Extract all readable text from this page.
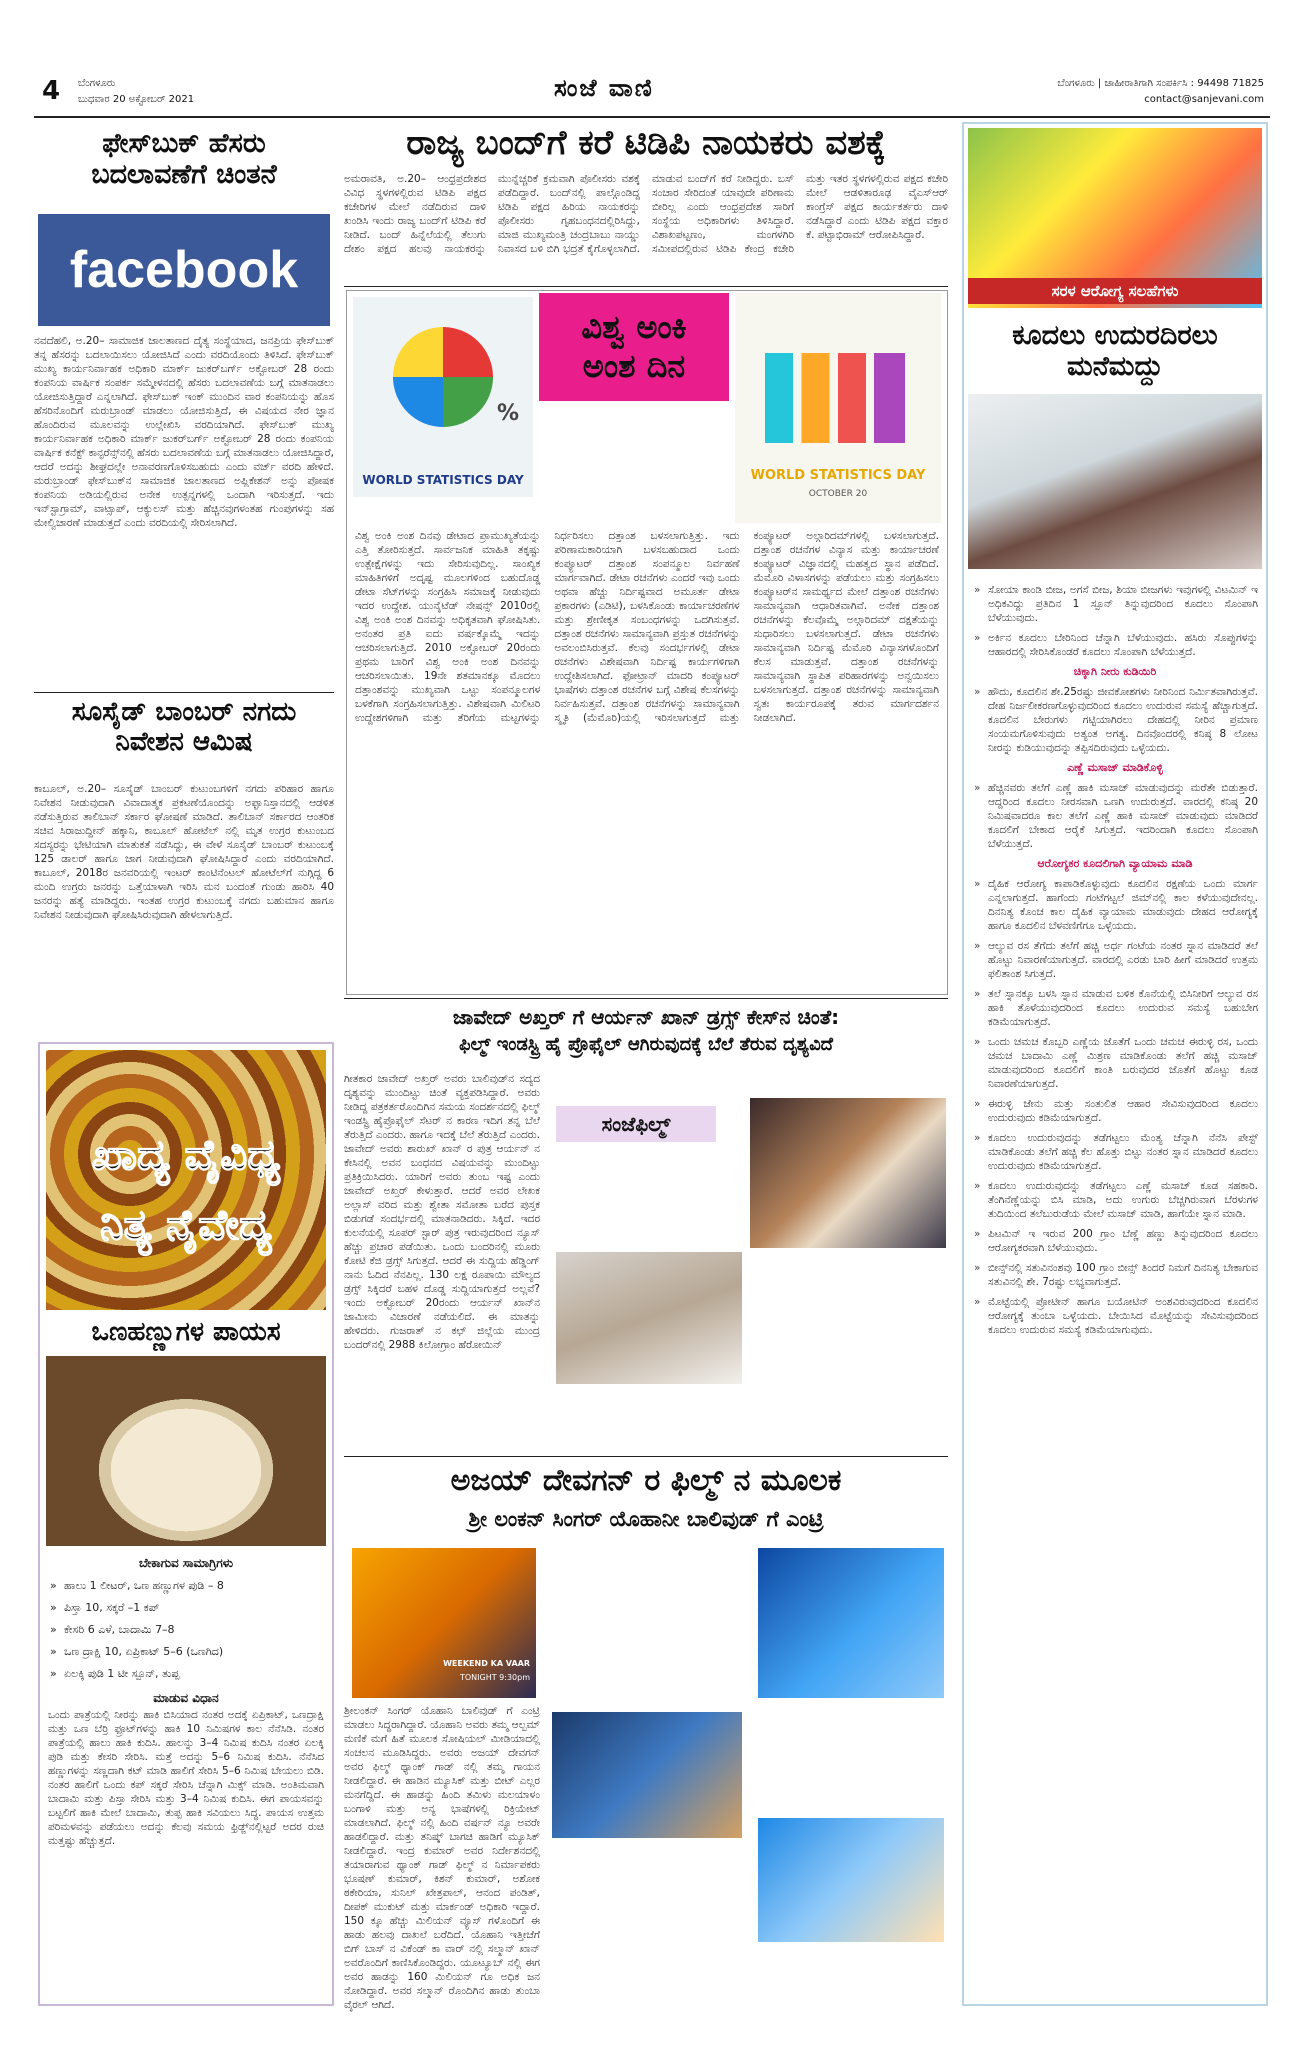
4 ಬೆಂಗಳೂರು
ಬುಧವಾರ 20 ಅಕ್ಟೋಬರ್ 2021	ಸಂಜೆ ವಾಣಿ	ಬೆಂಗಳೂರು | ಜಾಹೀರಾತಿಗಾಗಿ ಸಂಪರ್ಕಿಸಿ : 94498 71825
contact@sanjevani.com
ಫೇಸ್‌ಬುಕ್ ಹೆಸರು ಬದಲಾವಣೆಗೆ ಚಿಂತನೆ
facebook
ನವದೆಹಲಿ, ಅ.20– ಸಾಮಾಜಿಕ ಜಾಲತಾಣದ ದೈತ್ಯ ಸಂಸ್ಥೆಯಾದ, ಜನಪ್ರಿಯ ಫೇಸ್‌ಬುಕ್ ತನ್ನ ಹೆಸರನ್ನು ಬದಲಾಯಿಸಲು ಯೋಜಿಸಿದೆ ಎಂದು ವರದಿಯೊಂದು ತಿಳಿಸಿದೆ. ಫೇಸ್‌ಬುಕ್ ಮುಖ್ಯ ಕಾರ್ಯನಿರ್ವಾಹಕ ಅಧಿಕಾರಿ ಮಾರ್ಕ್ ಜುಕರ್‌ಬರ್ಗ್ ಅಕ್ಟೋಬರ್ 28 ರಂದು ಕಂಪನಿಯ ವಾರ್ಷಿಕ ಸಂಪರ್ಕ ಸಮ್ಮೇಳನದಲ್ಲಿ ಹೆಸರು ಬದಲಾವಣೆಯ ಬಗ್ಗೆ ಮಾತನಾಡಲು ಯೋಜಿಸುತ್ತಿದ್ದಾರೆ ಎನ್ನಲಾಗಿದೆ. ಫೇಸ್‌ಬುಕ್ ಇಂಕ್ ಮುಂದಿನ ವಾರ ಕಂಪನಿಯನ್ನು ಹೊಸ ಹೆಸರಿನೊಂದಿಗೆ ಮರುಬ್ರಾಂಡ್ ಮಾಡಲು ಯೋಜಿಸುತ್ತಿದೆ, ಈ ವಿಷಯದ ನೇರ ಜ್ಞಾನ ಹೊಂದಿರುವ ಮೂಲವನ್ನು ಉಲ್ಲೇಖಿಸಿ ವರದಿಯಾಗಿದೆ. ಫೇಸ್‌ಬುಕ್ ಮುಖ್ಯ ಕಾರ್ಯನಿರ್ವಾಹಕ ಅಧಿಕಾರಿ ಮಾರ್ಕ್ ಜುಕರ್‌ಬರ್ಗ್ ಅಕ್ಟೋಬರ್ 28 ರಂದು ಕಂಪನಿಯ ವಾರ್ಷಿಕ ಕನೆಕ್ಟ್ ಕಾನ್ಫರೆನ್ಸ್‌ನಲ್ಲಿ ಹೆಸರು ಬದಲಾವಣೆಯ ಬಗ್ಗೆ ಮಾತನಾಡಲು ಯೋಜಿಸಿದ್ದಾರೆ, ಆದರೆ ಅದನ್ನು ಶೀಘ್ರದಲ್ಲೇ ಅನಾವರಣಗೊಳಿಸಬಹುದು ಎಂದು ವರ್ಜ್ ವರದಿ ಹೇಳಿದೆ. ಮರುಬ್ರಾಂಡ್ ಫೇಸ್‌ಬುಕ್‌ನ ಸಾಮಾಜಿಕ ಜಾಲತಾಣದ ಅಪ್ಲಿಕೇಶನ್ ಅನ್ನು ಪೋಷಕ ಕಂಪನಿಯ ಅಡಿಯಲ್ಲಿರುವ ಅನೇಕ ಉತ್ಪನ್ನಗಳಲ್ಲಿ ಒಂದಾಗಿ ಇರಿಸುತ್ತದೆ. ಇದು ಇನ್‌ಸ್ಟಾಗ್ರಾಮ್, ವಾಟ್ಸಾಪ್, ಆಕ್ಯುಲಸ್ ಮತ್ತು ಹೆಚ್ಚಿನವುಗಳಂತಹ ಗುಂಪುಗಳನ್ನು ಸಹ ಮೇಲ್ವಿಚಾರಣೆ ಮಾಡುತ್ತದೆ ಎಂದು ವರದಿಯಲ್ಲಿ ಸೇರಿಸಲಾಗಿದೆ.
ಸೂಸೈಡ್ ಬಾಂಬರ್ ನಗದು ನಿವೇಶನ ಆಮಿಷ
ಕಾಬೂಲ್, ಅ.20– ಸೂಸೈಡ್ ಬಾಂಬರ್ ಕುಟುಂಬಗಳಿಗೆ ನಗದು ಪರಿಹಾರ ಹಾಗೂ ನಿವೇಶನ ನೀಡುವುದಾಗಿ ವಿವಾದಾತ್ಮಕ ಪ್ರಕಟಣೆಯೊಂದನ್ನು ಅಫ್ಘಾನಿಸ್ತಾನದಲ್ಲಿ ಆಡಳಿತ ನಡೆಸುತ್ತಿರುವ ತಾಲಿಬಾನ್ ಸರ್ಕಾರ ಘೋಷಣೆ ಮಾಡಿದೆ. ತಾಲಿಬಾನ್ ಸರ್ಕಾರದ ಆಂತರಿಕ ಸಚಿವ ಸಿರಾಜುದ್ದೀನ್ ಹಕ್ಕಾನಿ, ಕಾಬೂಲ್ ಹೋಟೆಲ್ ನಲ್ಲಿ ಮೃತ ಉಗ್ರರ ಕುಟುಂಬದ ಸದಸ್ಯರನ್ನು ಭೇಟಿಯಾಗಿ ಮಾತುಕತೆ ನಡೆಸಿದ್ದು, ಈ ವೇಳೆ ಸೂಸೈಡ್ ಬಾಂಬರ್ ಕುಟುಂಬಕ್ಕೆ 125 ಡಾಲರ್ ಹಾಗೂ ಜಾಗ ನೀಡುವುದಾಗಿ ಘೋಷಿಸಿದ್ದಾರೆ ಎಂದು ವರದಿಯಾಗಿದೆ. ಕಾಬೂಲ್, 2018ರ ಜನವರಿಯಲ್ಲಿ ಇಂಟರ್ ಕಾಂಟಿನೆಂಟಲ್ ಹೋಟೆಲ್‌ಗೆ ನುಗ್ಗಿದ್ದ 6 ಮಂದಿ ಉಗ್ರರು ಜನರನ್ನು ಒತ್ತೆಯಾಳಾಗಿ ಇರಿಸಿ ಮನ ಬಂದಂತೆ ಗುಂಡು ಹಾರಿಸಿ 40 ಜನರನ್ನು ಹತ್ಯೆ ಮಾಡಿದ್ದರು. ಇಂತಹ ಉಗ್ರರ ಕುಟುಂಬಕ್ಕೆ ನಗದು ಬಹುಮಾನ ಹಾಗೂ ನಿವೇಶನ ನೀಡುವುದಾಗಿ ಘೋಷಿಸಿರುವುದಾಗಿ ಹೇಳಲಾಗುತ್ತಿದೆ.
ಖಾದ್ಯ ವೈವಿಧ್ಯ
ನಿತ್ಯ ನೈವೇದ್ಯ
ಒಣಹಣ್ಣುಗಳ ಪಾಯಸ
ಬೇಕಾಗುವ ಸಾಮಾಗ್ರಿಗಳು
» ಹಾಲು 1 ಲೀಟರ್, ಒಣ ಹಣ್ಣುಗಳ ಪುಡಿ – 8
» ಪಿಸ್ತಾ 10, ಸಕ್ಕರೆ –1 ಕಪ್
» ಕೇಸರಿ 6 ಎಳೆ, ಬಾದಾಮಿ 7–8
» ಒಣ ದ್ರಾಕ್ಷಿ 10, ಏಪ್ರಿಕಾಟ್ 5–6 (ಒಣಗಿದ)
» ಏಲಕ್ಕಿ ಪುಡಿ 1 ಟೀ ಸ್ಪೂನ್, ತುಪ್ಪ
ಮಾಡುವ ವಿಧಾನ
ಒಂದು ಪಾತ್ರೆಯಲ್ಲಿ ನೀರನ್ನು ಹಾಕಿ ಬಿಸಿಯಾದ ನಂತರ ಅದಕ್ಕೆ ಏಪ್ರಿಕಾಟ್, ಒಣದ್ರಾಕ್ಷಿ ಮತ್ತು ಒಣ ಬೆರ್ರಿ ಫ್ರೂಟ್‌ಗಳನ್ನು ಹಾಕಿ 10 ನಿಮಿಷಗಳ ಕಾಲ ನೆನೆಸಿಡಿ. ನಂತರ ಪಾತ್ರೆಯಲ್ಲಿ ಹಾಲು ಹಾಕಿ ಕುದಿಸಿ. ಹಾಲನ್ನು 3–4 ನಿಮಿಷ ಕುದಿಸಿ ನಂತರ ಏಲಕ್ಕಿ ಪುಡಿ ಮತ್ತು ಕೇಸರಿ ಸೇರಿಸಿ. ಮತ್ತೆ ಅದನ್ನು 5–6 ನಿಮಿಷ ಕುದಿಸಿ. ನೆನೆಸಿದ ಹಣ್ಣುಗಳನ್ನು ಸಣ್ಣದಾಗಿ ಕಟ್ ಮಾಡಿ ಹಾಲಿಗೆ ಸೇರಿಸಿ 5–6 ನಿಮಿಷ ಬೇಯಲು ಬಿಡಿ. ನಂತರ ಹಾಲಿಗೆ ಒಂದು ಕಪ್ ಸಕ್ಕರೆ ಸೇರಿಸಿ ಚೆನ್ನಾಗಿ ಮಿಕ್ಸ್ ಮಾಡಿ. ಅಂತಿಮವಾಗಿ ಬಾದಾಮಿ ಮತ್ತು ಪಿಸ್ತಾ ಸೇರಿಸಿ ಮತ್ತು 3–4 ನಿಮಿಷ ಕುದಿಸಿ. ಈಗ ಪಾಯಸವನ್ನು ಬಟ್ಟಲಿಗೆ ಹಾಕಿ ಮೇಲೆ ಬಾದಾಮಿ, ತುಪ್ಪ ಹಾಕಿ ಸವಿಯಲು ಸಿದ್ಧ. ಪಾಯಸ ಉತ್ತಮ ಪರಿಮಳವನ್ನು ಪಡೆಯಲು ಅದನ್ನು ಕೆಲವು ಸಮಯ ಫ್ರಿಡ್ಜ್‌ನಲ್ಲಿಟ್ಟರೆ ಅದರ ರುಚಿ ಮತ್ತಷ್ಟು ಹೆಚ್ಚುತ್ತದೆ.
ರಾಜ್ಯ ಬಂದ್‌ಗೆ ಕರೆ ಟಿಡಿಪಿ ನಾಯಕರು ವಶಕ್ಕೆ
ಅಮರಾವತಿ, ಅ.20– ಆಂಧ್ರಪ್ರದೇಶದ ವಿವಿಧ ಸ್ಥಳಗಳಲ್ಲಿರುವ ಟಿಡಿಪಿ ಪಕ್ಷದ ಕಚೇರಿಗಳ ಮೇಲೆ ನಡೆದಿರುವ ದಾಳಿ ಖಂಡಿಸಿ ಇಂದು ರಾಜ್ಯ ಬಂದ್‌ಗೆ ಟಿಡಿಪಿ ಕರೆ ನೀಡಿದೆ. ಬಂದ್ ಹಿನ್ನೆಲೆಯಲ್ಲಿ ತೆಲುಗು ದೇಶಂ ಪಕ್ಷದ ಹಲವು ನಾಯಕರನ್ನು ಮುನ್ನೆಚ್ಚರಿಕೆ ಕ್ರಮವಾಗಿ ಪೊಲೀಸರು ವಶಕ್ಕೆ ಪಡೆದಿದ್ದಾರೆ. ಬಂದ್‌ನಲ್ಲಿ ಪಾಲ್ಗೊಂಡಿದ್ದ ಟಿಡಿಪಿ ಪಕ್ಷದ ಹಿರಿಯ ನಾಯಕರನ್ನು ಪೊಲೀಸರು ಗೃಹಬಂಧನದಲ್ಲಿರಿಸಿದ್ದು, ಮಾಜಿ ಮುಖ್ಯಮಂತ್ರಿ ಚಂದ್ರಬಾಬು ನಾಯ್ಡು ನಿವಾಸದ ಬಳಿ ಬಿಗಿ ಭದ್ರತೆ ಕೈಗೊಳ್ಳಲಾಗಿದೆ. ಮಾಡುವ ಬಂದ್‌ಗೆ ಕರೆ ನೀಡಿದ್ದರು. ಬಸ್ ಸಂಚಾರ ಸೇರಿದಂತೆ ಯಾವುದೇ ಪರಿಣಾಮ ಬೀರಿಲ್ಲ ಎಂದು ಆಂಧ್ರಪ್ರದೇಶ ಸಾರಿಗೆ ಸಂಸ್ಥೆಯ ಅಧಿಕಾರಿಗಳು ತಿಳಿಸಿದ್ದಾರೆ. ವಿಶಾಖಪಟ್ಟಣಂ, ಮಂಗಳಗಿರಿ ಸಮೀಪದಲ್ಲಿರುವ ಟಿಡಿಪಿ ಕೇಂದ್ರ ಕಚೇರಿ ಮತ್ತು ಇತರ ಸ್ಥಳಗಳಲ್ಲಿರುವ ಪಕ್ಷದ ಕಚೇರಿ ಮೇಲೆ ಆಡಳಿತಾರೂಢ ವೈಎಸ್‌ಆರ್ ಕಾಂಗ್ರೆಸ್ ಪಕ್ಷದ ಕಾರ್ಯಕರ್ತರು ದಾಳಿ ನಡೆಸಿದ್ದಾರೆ ಎಂದು ಟಿಡಿಪಿ ಪಕ್ಷದ ವಕ್ತಾರ ಕೆ. ಪಟ್ಟಾಭಿರಾಮ್ ಆರೋಪಿಸಿದ್ದಾರೆ.
%
WORLD STATISTICS DAY
ವಿಶ್ವ ಅಂಕಿ
ಅಂಶ ದಿನ
WORLD STATISTICS DAY
OCTOBER 20
ವಿಶ್ವ ಅಂಕಿ ಅಂಶ ದಿನವು ಡೇಟಾದ ಪ್ರಾಮುಖ್ಯತೆಯನ್ನು ಎತ್ತಿ ತೋರಿಸುತ್ತದೆ. ಸಾರ್ವಜನಿಕ ಮಾಹಿತಿ ತಕ್ಕಷ್ಟು ಉತ್ಪೇಕ್ಷೆಗಳನ್ನು ಇದು ಸೇರಿಸುವುದಿಲ್ಲ. ಸಾಂಖ್ಯಿಕ ಮಾಹಿತಿಗಳಿಗೆ ಅದೃಷ್ಟ ಮೂಲಗಳಿಂದ ಬಹುದೊಡ್ಡ ಡೇಟಾ ಸೆಟ್‌ಗಳನ್ನು ಸಂಗ್ರಹಿಸಿ ಸಮಾಜಕ್ಕೆ ನೀಡುವುದು ಇದರ ಉದ್ದೇಶ. ಯುನೈಟೆಡ್ ನೇಷನ್ಸ್ 2010ರಲ್ಲಿ ವಿಶ್ವ ಅಂಕಿ ಅಂಶ ದಿನವನ್ನು ಅಧಿಕೃತವಾಗಿ ಘೋಷಿಸಿತು. ಅನಂತರ ಪ್ರತಿ ಐದು ವರ್ಷಕ್ಕೊಮ್ಮೆ ಇದನ್ನು ಆಚರಿಸಲಾಗುತ್ತಿದೆ. 2010 ಅಕ್ಟೋಬರ್ 20ರಂದು ಪ್ರಥಮ ಬಾರಿಗೆ ವಿಶ್ವ ಅಂಕಿ ಅಂಶ ದಿನವನ್ನು ಆಚರಿಸಲಾಯಿತು. 19ನೇ ಶತಮಾನಕ್ಕೂ ಮೊದಲು ದತ್ತಾಂಶವನ್ನು ಮುಖ್ಯವಾಗಿ ಒಟ್ಟು ಸಂಪನ್ಮೂಲಗಳ ಬಳಕೆಗಾಗಿ ಸಂಗ್ರಹಿಸಲಾಗುತ್ತಿತ್ತು. ವಿಶೇಷವಾಗಿ ಮಿಲಿಟರಿ ಉದ್ದೇಶಗಳಿಗಾಗಿ ಮತ್ತು ತೆರಿಗೆಯ ಮಟ್ಟಗಳನ್ನು ನಿರ್ಧರಿಸಲು ದತ್ತಾಂಶ ಬಳಸಲಾಗುತ್ತಿತ್ತು. ಇದು ಪರಿಣಾಮಕಾರಿಯಾಗಿ ಬಳಸಬಹುದಾದ ಒಂದು ಕಂಪ್ಯೂಟರ್ ದತ್ತಾಂಶ ಸಂಪನ್ಮೂಲ ನಿರ್ವಹಣೆ ಮಾರ್ಗವಾಗಿದೆ. ಡೇಟಾ ರಚನೆಗಳು ಎಂದರೆ ಇವು ಒಂದು ಅಥವಾ ಹೆಚ್ಚು ನಿರ್ದಿಷ್ಟವಾದ ಅಮೂರ್ತ ಡೇಟಾ ಪ್ರಕಾರಗಳು (ಎಡಿಟಿ), ಬಳಸಿಕೊಂಡು ಕಾರ್ಯಾಚರಣೆಗಳ ಮತ್ತು ಶ್ರೇಣೀಕೃತ ಸಂಬಂಧಗಳನ್ನು ಒದಗಿಸುತ್ತವೆ. ದತ್ತಾಂಶ ರಚನೆಗಳು ಸಾಮಾನ್ಯವಾಗಿ ಪ್ರಸ್ತುತ ರಚನೆಗಳನ್ನು ಅವಲಂಬಿಸಿರುತ್ತವೆ. ಕೆಲವು ಸಂದರ್ಭಗಳಲ್ಲಿ ಡೇಟಾ ರಚನೆಗಳು ವಿಶೇಷವಾಗಿ ನಿರ್ದಿಷ್ಟ ಕಾರ್ಯಗಳಿಗಾಗಿ ಉದ್ದೇಶಿಸಲಾಗಿದೆ. ಫೋಟ್ರಾನ್ ಮಾದರಿ ಕಂಪ್ಯೂಟರ್ ಭಾಷೆಗಳು ದತ್ತಾಂಶ ರಚನೆಗಳ ಬಗ್ಗೆ ವಿಶೇಷ ಕೆಲಸಗಳನ್ನು ನಿರ್ವಹಿಸುತ್ತವೆ. ದತ್ತಾಂಶ ರಚನೆಗಳನ್ನು ಸಾಮಾನ್ಯವಾಗಿ ಸ್ಮೃತಿ (ಮೆಮೊರಿ)ಯಲ್ಲಿ ಇರಿಸಲಾಗುತ್ತದೆ ಮತ್ತು ಕಂಪ್ಯೂಟರ್ ಅಲ್ಗಾರಿದಮ್‌ಗಳಲ್ಲಿ ಬಳಸಲಾಗುತ್ತದೆ. ದತ್ತಾಂಶ ರಚನೆಗಳ ವಿನ್ಯಾಸ ಮತ್ತು ಕಾರ್ಯಾಚರಣೆ ಕಂಪ್ಯೂಟರ್ ವಿಜ್ಞಾನದಲ್ಲಿ ಮಹತ್ವದ ಸ್ಥಾನ ಪಡೆದಿದೆ. ಮೆಮೊರಿ ವಿಳಾಸಗಳನ್ನು ಪಡೆಯಲು ಮತ್ತು ಸಂಗ್ರಹಿಸಲು ಕಂಪ್ಯೂಟರ್‌ನ ಸಾಮರ್ಥ್ಯದ ಮೇಲೆ ದತ್ತಾಂಶ ರಚನೆಗಳು ಸಾಮಾನ್ಯವಾಗಿ ಆಧಾರಿತವಾಗಿವೆ. ಅನೇಕ ದತ್ತಾಂಶ ರಚನೆಗಳನ್ನು ಕೆಲವೊಮ್ಮೆ ಅಲ್ಗಾರಿದಮ್ ದಕ್ಷತೆಯನ್ನು ಸುಧಾರಿಸಲು ಬಳಸಲಾಗುತ್ತದೆ. ಡೇಟಾ ರಚನೆಗಳು ಸಾಮಾನ್ಯವಾಗಿ ನಿರ್ದಿಷ್ಟ ಮೆಮೊರಿ ವಿನ್ಯಾಸಗಳೊಂದಿಗೆ ಕೆಲಸ ಮಾಡುತ್ತವೆ. ದತ್ತಾಂಶ ರಚನೆಗಳನ್ನು ಸಾಮಾನ್ಯವಾಗಿ ಸ್ಥಾಪಿತ ಪರಿಹಾರಗಳನ್ನು ಅನ್ವಯಿಸಲು ಬಳಸಲಾಗುತ್ತದೆ. ದತ್ತಾಂಶ ರಚನೆಗಳನ್ನು ಸಾಮಾನ್ಯವಾಗಿ ಸ್ವತಃ ಕಾರ್ಯರೂಪಕ್ಕೆ ತರುವ ಮಾರ್ಗದರ್ಶನ ನೀಡಲಾಗಿದೆ.
ಜಾವೇದ್ ಅಖ್ತರ್ ಗೆ ಆರ್ಯನ್ ಖಾನ್ ಡ್ರಗ್ಸ್ ಕೇಸ್‌ನ ಚಿಂತೆ:
ಫಿಲ್ಮ್ ಇಂಡಸ್ಟ್ರಿ ಹೈ ಪ್ರೊಫೈಲ್ ಆಗಿರುವುದಕ್ಕೆ ಬೆಲೆ ತೆರುವ ದೃಶ್ಯವಿದೆ
ಗೀತಕಾರ ಜಾವೇದ್ ಅಖ್ತರ್ ಅವರು ಬಾಲಿವುಡ್‌ನ ಸದ್ಯದ ದೃಶ್ಯವನ್ನು ಮುಂದಿಟ್ಟು ಚಿಂತೆ ವ್ಯಕ್ತಪಡಿಸಿದ್ದಾರೆ. ಅವರು ನೀಡಿದ್ದ ಪತ್ರಕರ್ತರೊಂದಿಗಿನ ಸಮಯ ಸಂದರ್ಶನದಲ್ಲಿ ಫಿಲ್ಮ್ ಇಂಡಸ್ಟ್ರಿ ಹೈಪ್ರೊಫೈಲ್ ಸೆಟರ್ ನ ಕಾರಣ ಇದಿಗ ತನ್ನ ಬೆಲೆ ತೆರುತ್ತಿದೆ ಎಂದರು. ಹಾಗೂ ಇದಕ್ಕೆ ಬೆಲೆ ತೆರುತ್ತಿದೆ ಎಂದರು. ಜಾವೇದ್ ಅವರು ಶಾರುಖ್ ಖಾನ್ ರ ಪುತ್ರ ಆರ್ಯನ್ ನ ಕೇಸಿನಲ್ಲಿ ಅವನ ಬಂಧನದ ವಿಷಯವನ್ನು ಮುಂದಿಟ್ಟು ಪ್ರತಿಕ್ರಿಯಿಸಿದರು. ಯಾರಿಗೆ ಅವರು ತುಂಬ ಇಷ್ಟ ಎಂದು ಜಾವೇದ್ ಅಖ್ತರ್ ಕೇಳುತ್ತಾರೆ. ಆದರೆ ಅವರ ಲೇಖಕ ಅಲ್ಲಾಸ್ ವರಿದ ಮತ್ತು ಶ್ವೇತಾ ಸಮೋತಾ ಬರೆದ ಪುಸ್ತಕ ಬಿಡುಗಡೆ ಸಂದರ್ಭದಲ್ಲಿ ಮಾತನಾಡಿದರು. ಸಿಕ್ಕಿದೆ. ಇದರ ಕುಲನೆಯಲ್ಲಿ ಸೂಪರ್ ಸ್ಟಾರ್ ಪುತ್ರ ಇರುವುದರಿಂದ ನ್ಯೂಸ್ ಹೆಚ್ಚು ಪ್ರಚಾರ ಪಡೆಯಿತು. ಒಂದು ಬಂದರಿನಲ್ಲಿ ಮೂರು ಕೋಟಿ ಕೆಜಿ ಡ್ರಗ್ಸ್ ಸಿಗುತ್ತದೆ. ಆದರೆ ಈ ಸುದ್ದಿಯ ಹೆಡ್ಡಿಂಗ್ ನಾನು ಓದಿದ ನೆನಪಿಲ್ಲ. 130 ಲಕ್ಷ ರೂಪಾಯಿ ಮೌಲ್ಯದ ಡ್ರಗ್ಸ್ ಸಿಕ್ಕಿದರೆ ಬಹಳ ದೊಡ್ಡ ಸುದ್ದಿಯಾಗುತ್ತದೆ ಅಲ್ಲವೆ? ಇಂದು ಅಕ್ಟೋಬರ್ 20ರಂದು ಆರ್ಯನ್ ಖಾನ್‌ನ ಜಾಮೀನು ವಿಚಾರಣೆ ನಡೆಯಲಿದೆ. ಈ ಮಾತನ್ನು ಹೇಳಿದರು. ಗುಜರಾತ್ ನ ಕಛ್ ಜಿಲ್ಲೆಯ ಮುಂದ್ರ ಬಂದರ್‌ನಲ್ಲಿ 2988 ಕಿಲೋಗ್ರಾಂ ಹೆರೋಯಿನ್
ಸಂಜೆಫಿಲ್ಮ್
ಅಜಯ್ ದೇವಗನ್ ರ ಫಿಲ್ಮ್ ನ ಮೂಲಕ
ಶ್ರೀ ಲಂಕನ್ ಸಿಂಗರ್ ಯೊಹಾನೀ ಬಾಲಿವುಡ್ ಗೆ ಎಂಟ್ರಿ
WEEKEND KA VAAR
TONIGHT 9:30pm
ಶ್ರೀಲಂಕನ್ ಸಿಂಗರ್ ಯೊಹಾನಿ ಬಾಲಿವುಡ್ ಗೆ ಎಂಟ್ರಿ ಮಾಡಲು ಸಿದ್ಧರಾಗಿದ್ದಾರೆ. ಯೊಹಾನಿ ಅವರು ತಮ್ಮ ಆಲ್ಬಮ್ ಮಣಿಕೆ ಮಗೆ ಹಿತೆ ಮೂಲಕ ಸೋಷಿಯಲ್ ಮೀಡಿಯಾದಲ್ಲಿ ಸಂಚಲನ ಮೂಡಿಸಿದ್ದರು. ಅವರು ಅಜಯ್ ದೇವಗನ್ ಅವರ ಫಿಲ್ಮ್ ಥ್ಯಾಂಕ್ ಗಾಡ್ ನಲ್ಲಿ ತಮ್ಮ ಗಾಯನ ನೀಡಲಿದ್ದಾರೆ. ಈ ಹಾಡಿನ ಮ್ಯೂಸಿಕ್ ಮತ್ತು ಬೀಟ್ ಎಲ್ಲರ ಮನಗೆದ್ದಿದೆ. ಈ ಹಾಡನ್ನು ಹಿಂದಿ ತಮಿಳು ಮಲಯಾಳಂ ಬಂಗಾಳಿ ಮತ್ತು ಅನ್ಯ ಭಾಷೆಗಳಲ್ಲಿ ರಿಕ್ರಿಯೇಟ್ ಮಾಡಲಾಗಿದೆ. ಫಿಲ್ಮ್ ನಲ್ಲಿ ಹಿಂದಿ ವರ್ಷನ್ ನ್ಯೂ ಅವರೇ ಹಾಡಲಿದ್ದಾರೆ. ಮತ್ತು ತನಿಷ್ಕ್ ಬಾಗಚಿ ಹಾಡಿಗೆ ಮ್ಯೂಸಿಕ್ ನೀಡಲಿದ್ದಾರೆ. ಇಂದ್ರ ಕುಮಾರ್ ಅವರ ನಿರ್ದೇಶನದಲ್ಲಿ ತಯಾರಾಗುವ ಥ್ಯಾಂಕ್ ಗಾಡ್ ಫಿಲ್ಮ್ ನ ನಿರ್ಮಾಪಕರು ಭೂಷಣ್ ಕುಮಾರ್, ಕಿಶನ್ ಕುಮಾರ್, ಅಶೋಕ ಠಕೇರಿಯಾ, ಸುನಿಲ್ ಖೇತ್ರಪಾಲ್, ಆನಂದ ಪಂಡಿತ್, ದೀಪಕ್ ಮುಕುಟ್ ಮತ್ತು ಮಾರ್ಕಂಡ್ ಅಧಿಕಾರಿ ಇದ್ದಾರೆ. 150 ಕ್ಕೂ ಹೆಚ್ಚು ಮಿಲಿಯನ್ ವ್ಯೂಸ್ ಗಳೊಂದಿಗೆ ಈ ಹಾಡು ಹಲವು ದಾಖಲೆ ಬರೆದಿದೆ. ಯೊಹಾನಿ ಇತ್ತೀಚೆಗೆ ಬಿಗ್ ಬಾಸ್ ನ ವಿಕೆಂಡ್ ಕಾ ವಾರ್ ನಲ್ಲಿ ಸಲ್ಮಾನ್ ಖಾನ್ ಅವರೊಂದಿಗೆ ಕಾಣಿಸಿಕೊಂಡಿದ್ದರು. ಯೂಟ್ಯೂಬ್ ನಲ್ಲಿ ಈಗ ಅವರ ಹಾಡನ್ನು 160 ಮಿಲಿಯನ್ ಗೂ ಅಧಿಕ ಜನ ನೋಡಿದ್ದಾರೆ. ಅವರ ಸಲ್ಮಾನ್ ರೊಂದಿಗಿನ ಹಾಡು ತುಂಬಾ ವೈರಲ್ ಆಗಿದೆ.
ಸರಳ ಆರೋಗ್ಯ ಸಲಹೆಗಳು
ಕೂದಲು ಉದುರದಿರಲು ಮನೆಮದ್ದು
» ಸೋಯಾ ಕಾಂಡಿ ಬೀಜ, ಅಗಸೆ ಬೀಜ, ಶಿಯಾ ಬೀಜಗಳು ಇವುಗಳಲ್ಲಿ ವಿಟಮಿನ್ ಇ ಅಧಿಕವಿದ್ದು ಪ್ರತಿದಿನ 1 ಸ್ಪೂನ್ ತಿನ್ನುವುದರಿಂದ ಕೂದಲು ಸೊಂಪಾಗಿ ಬೆಳೆಯುವುದು.
» ಅರ್ಕಿನ ಕೂದಲು ಬೇರಿನಿಂದ ಚೆನ್ನಾಗಿ ಬೆಳೆಯುವುದು. ಹಸಿರು ಸೊಪ್ಪುಗಳನ್ನು ಆಹಾರದಲ್ಲಿ ಸೇರಿಸಿಕೊಂಡರೆ ಕೂದಲು ಸೊಂಪಾಗಿ ಬೆಳೆಯುತ್ತದೆ.
ಚಿಕ್ಕಾಗಿ ನೀರು ಕುಡಿಯಿರಿ
» ಹೌದು, ಕೂದಲಿನ ಶೇ.25ರಷ್ಟು ಜೀವಕೋಶಗಳು ನೀರಿನಿಂದ ನಿರ್ಮಿತವಾಗಿರುತ್ತವೆ. ದೇಹ ನಿರ್ಜಲೀಕರಣಗೊಳ್ಳುವುದರಿಂದ ಕೂದಲು ಉದುರುವ ಸಮಸ್ಯೆ ಹೆಚ್ಚಾಗುತ್ತದೆ. ಕೂದಲಿನ ಬೇರುಗಳು ಗಟ್ಟಿಯಾಗಿರಲು ದೇಹದಲ್ಲಿ ನೀರಿನ ಪ್ರಮಾಣ ಸಂಯಮಗೊಳಿಸುವುದು ಅತ್ಯಂತ ಅಗತ್ಯ. ದಿನವೊಂದರಲ್ಲಿ ಕನಿಷ್ಠ 8 ಲೋಟ ನೀರನ್ನು ಕುಡಿಯುವುದನ್ನು ತಪ್ಪಿಸದಿರುವುದು ಒಳ್ಳೆಯದು.
ಎಣ್ಣೆ ಮಸಾಜ್ ಮಾಡಿಕೊಳ್ಳಿ
» ಹೆಚ್ಚಿನವರು ತಲೆಗೆ ಎಣ್ಣೆ ಹಾಕಿ ಮಸಾಜ್ ಮಾಡುವುದನ್ನು ಮರೆತೇ ಬಿಡುತ್ತಾರೆ. ಆದ್ದರಿಂದ ಕೂದಲು ನೀರಸವಾಗಿ ಒಣಗಿ ಉದುರುತ್ತದೆ. ವಾರದಲ್ಲಿ ಕನಿಷ್ಠ 20 ನಿಮಿಷವಾದರೂ ಕಾಲ ತಲೆಗೆ ಎಣ್ಣೆ ಹಾಕಿ ಮಸಾಜ್ ಮಾಡುವುದು ಮಾಡಿದರೆ ಕೂದಲಿಗೆ ಬೇಕಾದ ಆರೈಕೆ ಸಿಗುತ್ತದೆ. ಇದರಿಂದಾಗಿ ಕೂದಲು ಸೊಂಪಾಗಿ ಬೆಳೆಯುತ್ತದೆ.
ಆರೋಗ್ಯಕರ ಕೂದಲಿಗಾಗಿ ವ್ಯಾಯಾಮ ಮಾಡಿ
» ದೈಹಿಕ ಆರೋಗ್ಯ ಕಾಪಾಡಿಕೊಳ್ಳುವುದು ಕೂದಲಿನ ರಕ್ಷಣೆಯ ಒಂದು ಮಾರ್ಗ ಎನ್ನಲಾಗುತ್ತದೆ. ಹಾಗೆಂದು ಗಂಟೆಗಟ್ಟಲೆ ಜಿಮ್‌ನಲ್ಲಿ ಕಾಲ ಕಳೆಯುವುದೇನಲ್ಲ. ದಿನನಿತ್ಯ ಕೊಂಚ ಕಾಲ ದೈಹಿಕ ವ್ಯಾಯಾಮ ಮಾಡುವುದು ದೇಹದ ಆರೋಗ್ಯಕ್ಕೆ ಹಾಗೂ ಕೂದಲಿನ ಬೆಳವಣಿಗೆಗೂ ಒಳ್ಳೆಯದು.
» ಆಲ್ಯುವ ರಸ ತೆಗೆದು ತಲೆಗೆ ಹಚ್ಚಿ ಅರ್ಧ ಗಂಟೆಯ ನಂತರ ಸ್ನಾನ ಮಾಡಿದರೆ ತಲೆ ಹೊಟ್ಟು ನಿವಾರಣೆಯಾಗುತ್ತದೆ. ವಾರದಲ್ಲಿ ಎರಡು ಬಾರಿ ಹೀಗೆ ಮಾಡಿದರೆ ಉತ್ತಮ ಫಲಿತಾಂಶ ಸಿಗುತ್ತದೆ.
» ತಲೆ ಸ್ನಾನಕ್ಕೂ ಬಳಸಿ ಸ್ನಾನ ಮಾಡುವ ಬಳಿಕ ಕೊನೆಯಲ್ಲಿ ಬಿಸಿನೀರಿಗೆ ಆಲ್ಯುವ ರಸ ಹಾಕಿ ತೊಳೆಯುವುದರಿಂದ ಕೂದಲು ಉದುರುವ ಸಮಸ್ಯೆ ಬಹುಬೇಗ ಕಡಿಮೆಯಾಗುತ್ತದೆ.
» ಒಂದು ಚಮಚ ಕೊಬ್ಬರಿ ಎಣ್ಣೆಯ ಜೊತೆಗೆ ಒಂದು ಚಮಚ ಈರುಳ್ಳಿ ರಸ, ಒಂದು ಚಮಚ ಬಾದಾಮಿ ಎಣ್ಣೆ ಮಿಶ್ರಣ ಮಾಡಿಕೊಂಡು ತಲೆಗೆ ಹಚ್ಚಿ ಮಸಾಜ್ ಮಾಡುವುದರಿಂದ ಕೂದಲಿಗೆ ಕಾಂತಿ ಬರುವುದರ ಜೊತೆಗೆ ಹೊಟ್ಟು ಕೂಡ ನಿವಾರಣೆಯಾಗುತ್ತದೆ.
» ಈರುಳ್ಳಿ ಜೇನು ಮತ್ತು ಸಂತುಲಿತ ಆಹಾರ ಸೇವಿಸುವುದರಿಂದ ಕೂದಲು ಉದುರುವುದು ಕಡಿಮೆಯಾಗುತ್ತದೆ.
» ಕೂದಲು ಉದುರುವುದನ್ನು ತಡೆಗಟ್ಟಲು ಮೆಂತ್ಯ ಚೆನ್ನಾಗಿ ನೆನೆಸಿ ಪೇಸ್ಟ್ ಮಾಡಿಕೊಂಡು ತಲೆಗೆ ಹಚ್ಚಿ ಕೆಲ ಹೊತ್ತು ಬಿಟ್ಟು ನಂತರ ಸ್ನಾನ ಮಾಡಿದರೆ ಕೂದಲು ಉದುರುವುದು ಕಡಿಮೆಯಾಗುತ್ತದೆ.
» ಕೂದಲು ಉದುರುವುದನ್ನು ತಡೆಗಟ್ಟಲು ಎಣ್ಣೆ ಮಸಾಜ್ ಕೂಡ ಸಹಕಾರಿ. ತೆಂಗಿನೆಣ್ಣೆಯನ್ನು ಬಿಸಿ ಮಾಡಿ, ಅದು ಉಗುರು ಬೆಚ್ಚಗಿರುವಾಗ ಬೆರಳುಗಳ ತುದಿಯಿಂದ ತಲೆಬುರುಡೆಯ ಮೇಲೆ ಮಸಾಜ್ ಮಾಡಿ, ಹಾಗೆಯೇ ಸ್ನಾನ ಮಾಡಿ.
» ಪಿಟಮಿನ್ ಇ ಇರುವ 200 ಗ್ರಾಂ ಬೆಣ್ಣೆ ಹಣ್ಣು ತಿನ್ನುವುದರಿಂದ ಕೂದಲು ಆರೋಗ್ಯಕರವಾಗಿ ಬೆಳೆಯುವುದು.
» ಬೀನ್ಸ್‌ನಲ್ಲಿ ಸತುವಿನಂಶವು 100 ಗ್ರಾಂ ಬೀನ್ಸ್ ತಿಂದರೆ ನಿಮಗೆ ದಿನನಿತ್ಯ ಬೇಕಾಗುವ ಸತುವಿನಲ್ಲಿ ಶೇ. 7ರಷ್ಟು ಲಭ್ಯವಾಗುತ್ತದೆ.
» ಮೊಟ್ಟೆಯಲ್ಲಿ ಪ್ರೋಟೀನ್ ಹಾಗೂ ಬಯೋಟಿನ್ ಅಂಶವಿರುವುದರಿಂದ ಕೂದಲಿನ ಆರೋಗ್ಯಕ್ಕೆ ತುಂಬಾ ಒಳ್ಳೆಯದು. ಬೇಯಿಸಿದ ಮೊಟ್ಟೆಯನ್ನು ಸೇವಿಸುವುದರಿಂದ ಕೂದಲು ಉದುರುವ ಸಮಸ್ಯೆ ಕಡಿಮೆಯಾಗುವುದು.
